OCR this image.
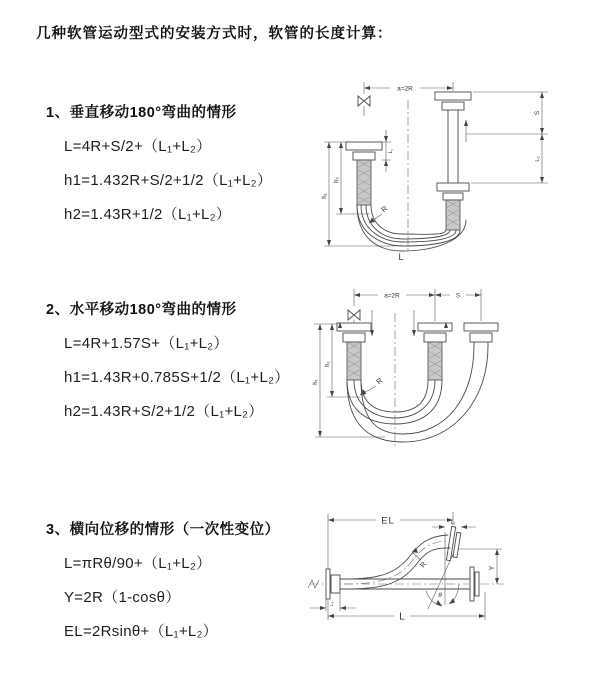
几种软管运动型式的安装方式时，软管的长度计算：
1、垂直移动180°弯曲的情形
L=4R+S/2+（L₁+L₂）
h1=1.432R+S/2+1/2（L₁+L₂）
h2=1.43R+1/2（L₁+L₂）
a=2R
L₁
S
L₂
h₁
h₂
R
L
2、水平移动180°弯曲的情形
L=4R+1.57S+（L₁+L₂）
h1=1.43R+0.785S+1/2（L₁+L₂）
h2=1.43R+S/2+1/2（L₁+L₂）
a=2R	S
h₁
h₂
R
3、横向位移的情形（一次性变位）
L=πRθ/90+（L₁+L₂）
Y=2R（1-cosθ）
EL=2Rsinθ+（L₁+L₂）
EL	L₂
Y
θ
R
L₁
L
